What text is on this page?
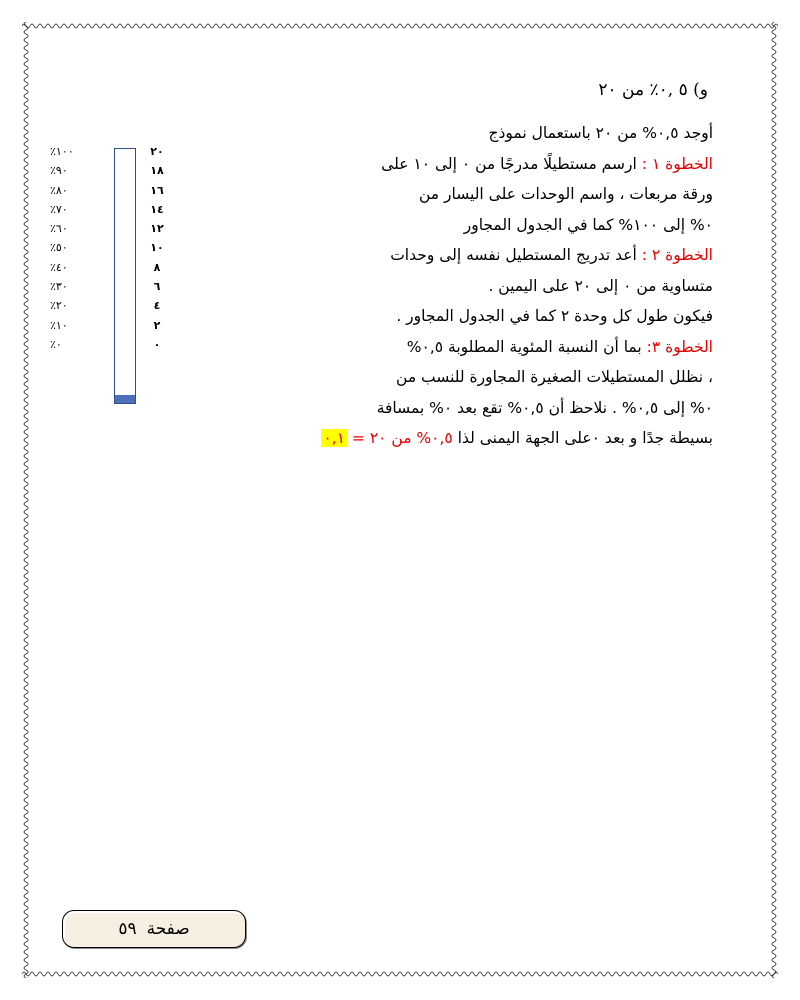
و) ٥ ,٠٪ من ٢٠
أوجد ٠,٥% من ٢٠ باستعمال نموذج
الخطوة ١ : ارسم مستطيلًا مدرجًا من ٠ إلى ١٠ على
ورقة مربعات ، واسم الوحدات على اليسار من
٠% إلى ١٠٠% كما في الجدول المجاور
الخطوة ٢ : أعد تدريج المستطيل نفسه إلى وحدات
متساوية من ٠ إلى ٢٠ على اليمين .
فيكون طول كل وحدة ٢ كما في الجدول المجاور .
الخطوة ٣: بما أن النسبة المئوية المطلوبة ٠,٥%
، نظلل المستطيلات الصغيرة المجاورة للنسب من
٠% إلى ٠,٥% . نلاحظ أن ٠,٥% تقع بعد ٠% بمسافة
بسيطة جدًا و بعد ٠على الجهة اليمنى لذا ٠,٥% من ٢٠ = ٠,١
٪١٠٠
٪٩٠
٪٨٠
٪٧٠
٪٦٠
٪٥٠
٪٤٠
٪٣٠
٪٢٠
٪١٠
٪٠
٢٠
١٨
١٦
١٤
١٢
١٠
٨
٦
٤
٢
٠
صفحة
٥٩
